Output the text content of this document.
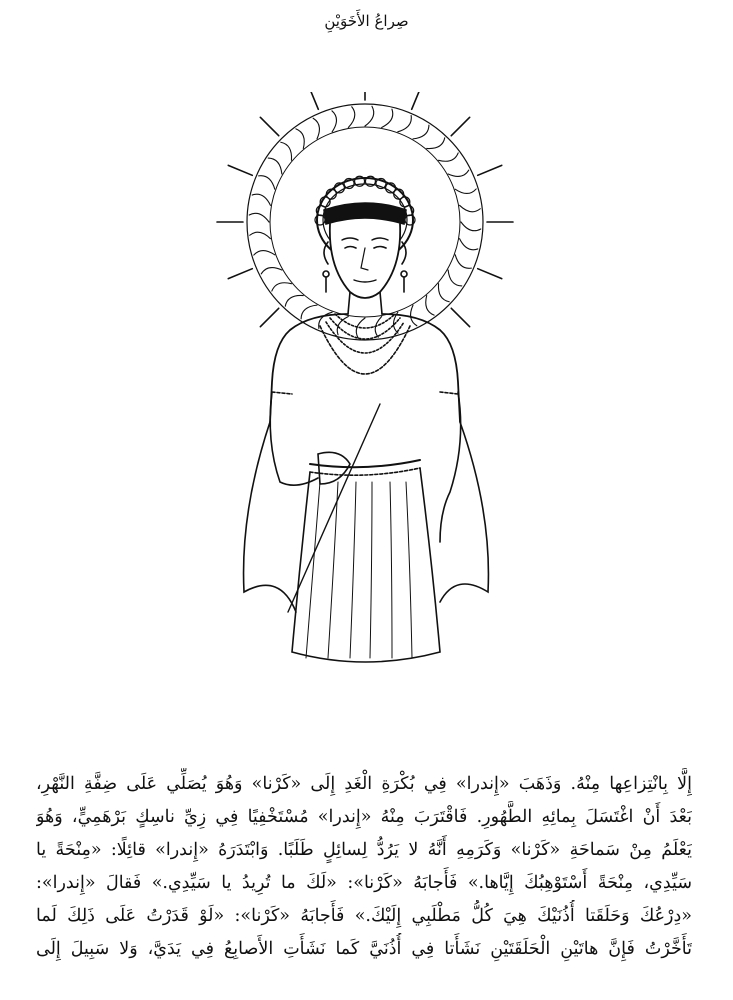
صِراعُ الأَخَوَيْنِ

إِلَّا بِانْتِزاعِها مِنْهُ. وَذَهَبَ «إِندرا» فِي بُكْرَةِ الْغَدِ إِلَى «كَرْنا» وَهُوَ يُصَلِّي عَلَى ضِفَّةِ النَّهْرِ،

بَعْدَ أَنْ اغْتَسَلَ بِمائِهِ الطَّهُورِ. فَاقْتَرَبَ مِنْهُ «إِندرا» مُسْتَخْفِيًا فِي زِيِّ ناسِكٍ بَرْهَمِيٍّ، وَهُوَ

يَعْلَمُ مِنْ سَماحَةِ «كَرْنا» وَكَرَمِهِ أَنَّهُ لا يَرُدُّ لِسائِلٍ طَلَبًا. وَابْتَدَرَهُ «إِندرا» قائِلًا: «مِنْحَةً يا

سَيِّدِي، مِنْحَةً أَسْتَوْهِبُكَ إِيَّاها.» فَأَجابَهُ «كَرْنا»: «لَكَ ما تُرِيدُ يا سَيِّدِي.» فَقالَ «إِندرا»:

«دِرْعُكَ وَحَلَقَتا أُذُنَيْكَ هِيَ كُلُّ مَطْلَبِي إِلَيْكَ.» فَأَجابَهُ «كَرْنا»: «لَوْ قَدَرْتُ عَلَى ذَلِكَ لَما

تَأَخَّرْتُ فَإِنَّ هاتَيْنِ الْحَلَقَتَيْنِ نَشَأَتا فِي أُذُنَيَّ كَما نَشَأَتِ الأَصابِعُ فِي يَدَيَّ، وَلا سَبِيلَ إِلَى
